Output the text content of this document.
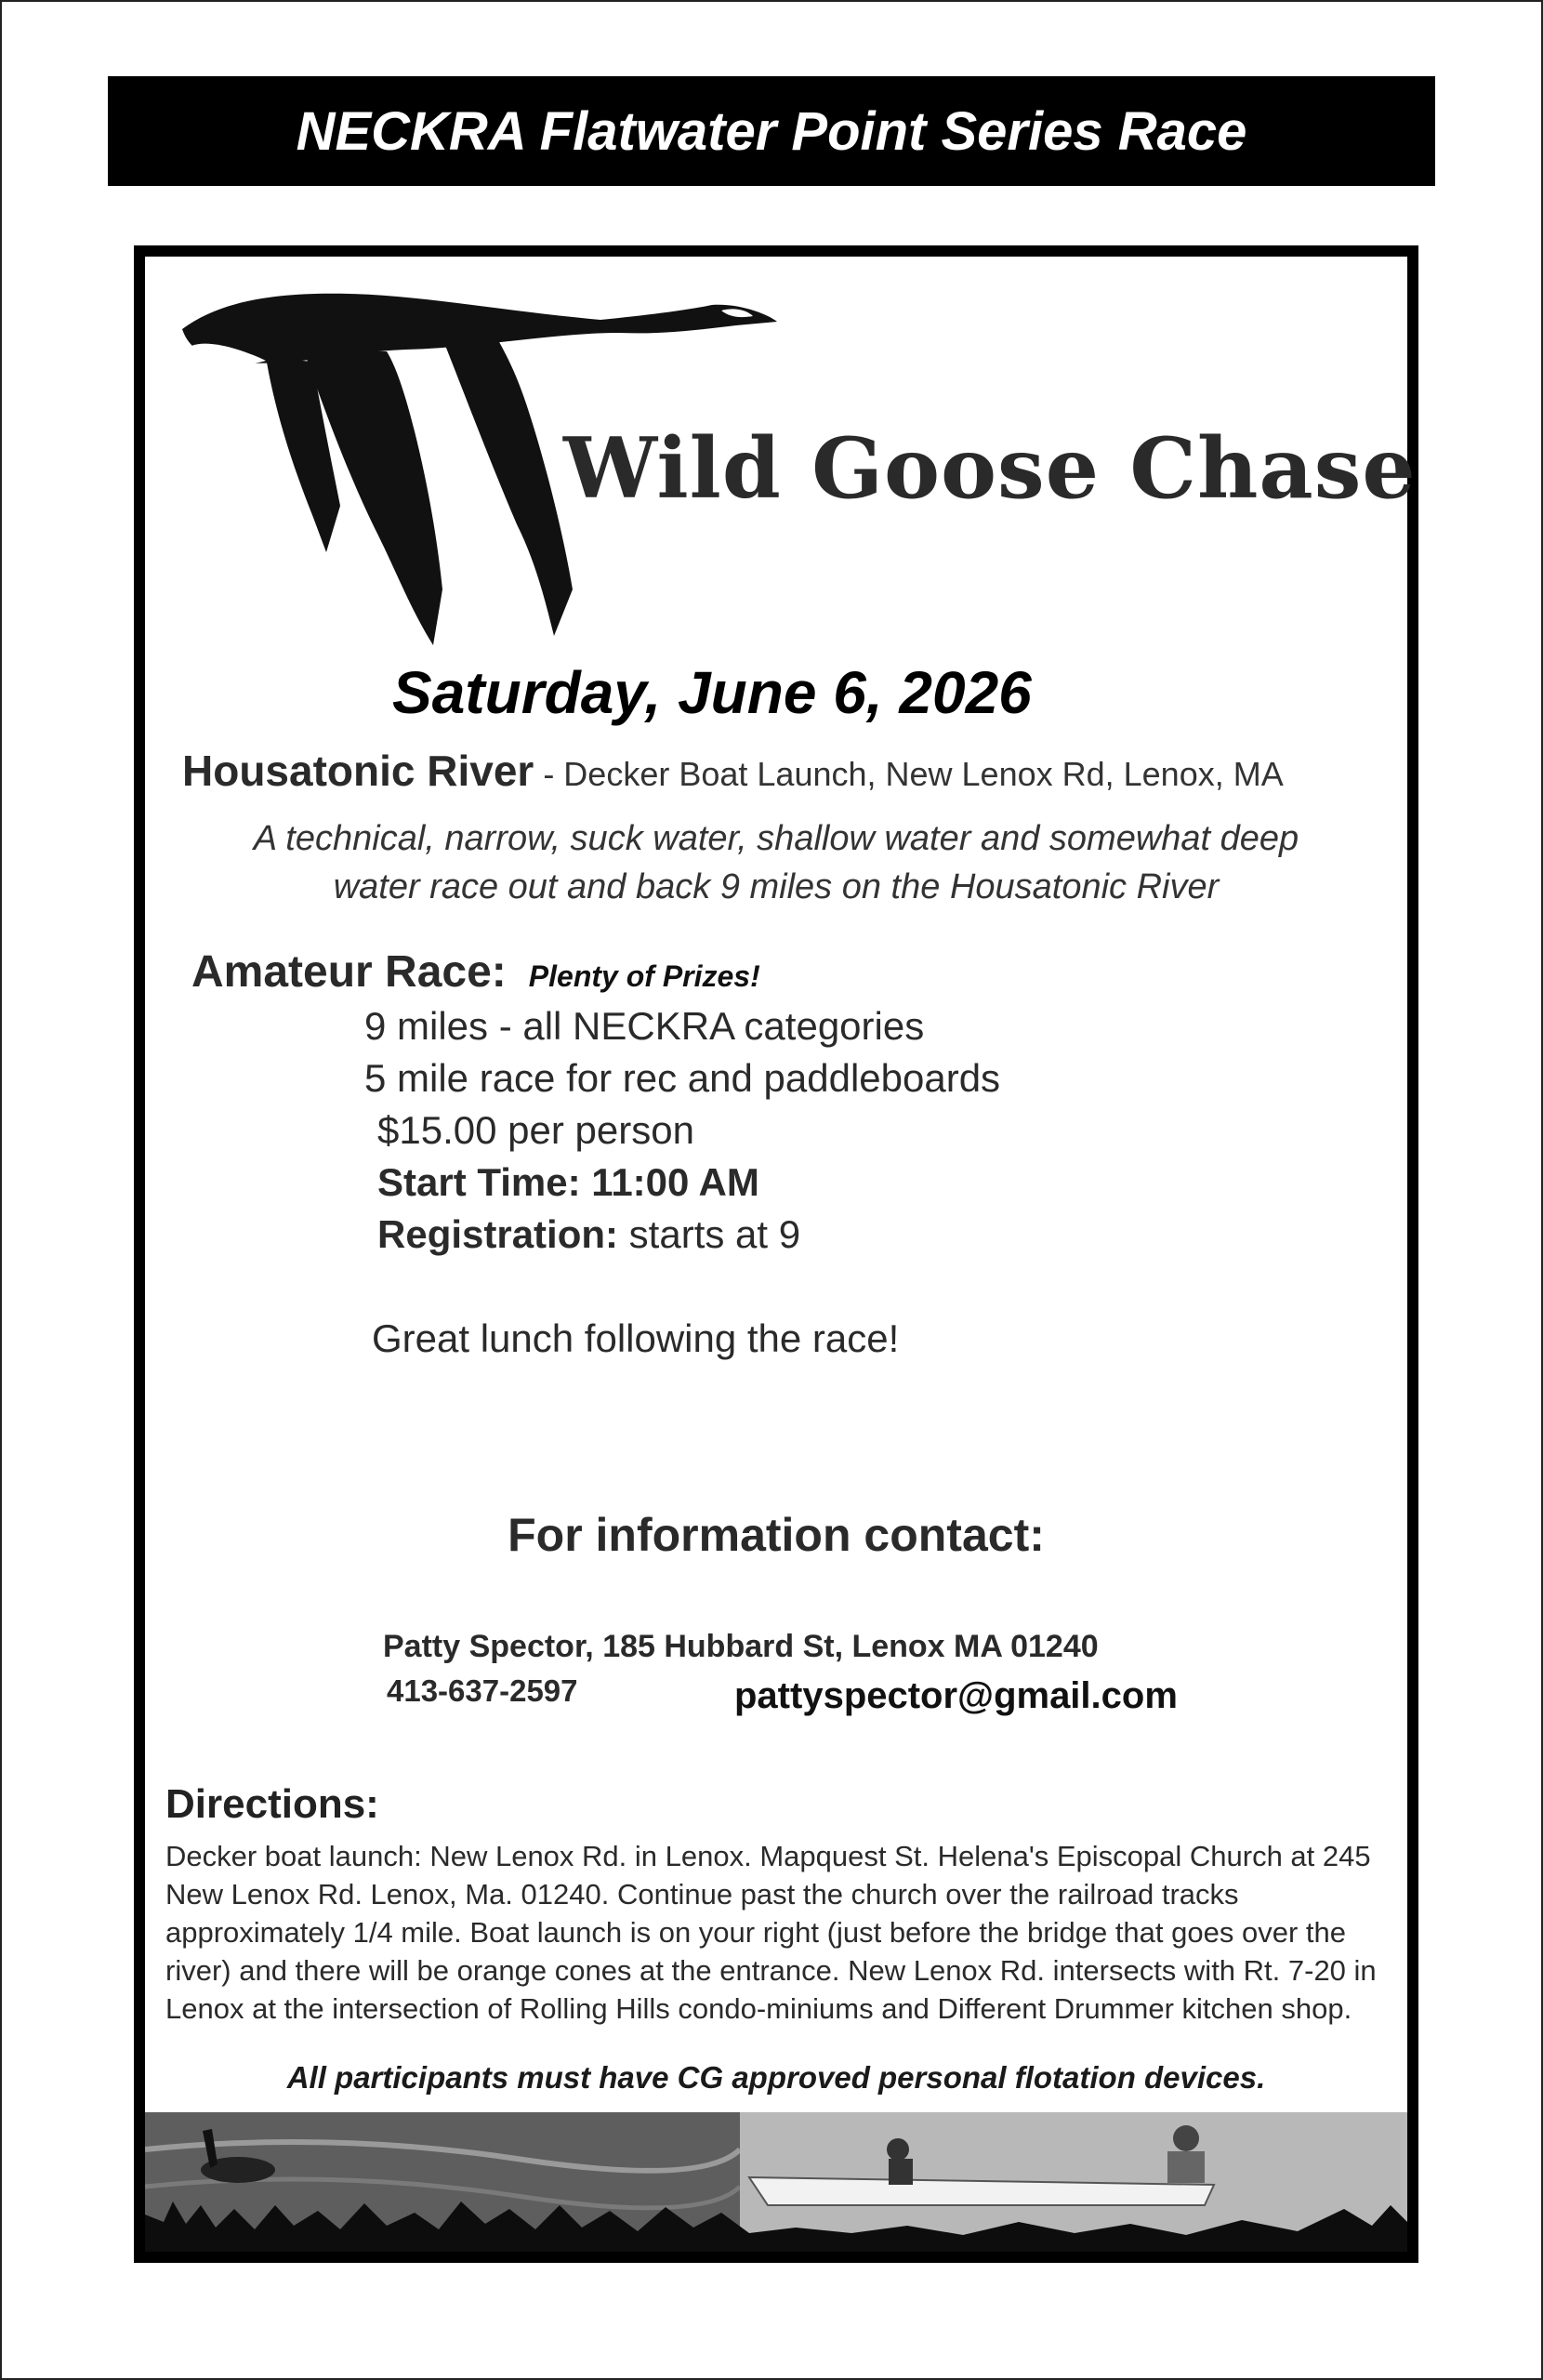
NECKRA Flatwater Point Series Race
Wild Goose Chase
Saturday, June 6, 2026
Housatonic River - Decker Boat Launch, New Lenox Rd, Lenox, MA
A technical, narrow, suck water, shallow water and somewhat deep
water race out and back 9 miles on the Housatonic River
Amateur Race: Plenty of Prizes!
9 miles - all NECKRA categories
5 mile race for rec and paddleboards
$15.00 per person
Start Time: 11:00 AM
Registration: starts at 9
Great lunch following the race!
For information contact:
Patty Spector, 185 Hubbard St, Lenox MA 01240
413-637-2597	pattyspector@gmail.com
Directions:
Decker boat launch: New Lenox Rd. in Lenox. Mapquest St. Helena's Episcopal Church at 245 New Lenox Rd. Lenox, Ma. 01240. Continue past the church over the railroad tracks approximately 1/4 mile. Boat launch is on your right (just before the bridge that goes over the river) and there will be orange cones at the entrance. New Lenox Rd. intersects with Rt. 7-20 in Lenox at the intersection of Rolling Hills condo-miniums and Different Drummer kitchen shop.
All participants must have CG approved personal flotation devices.
